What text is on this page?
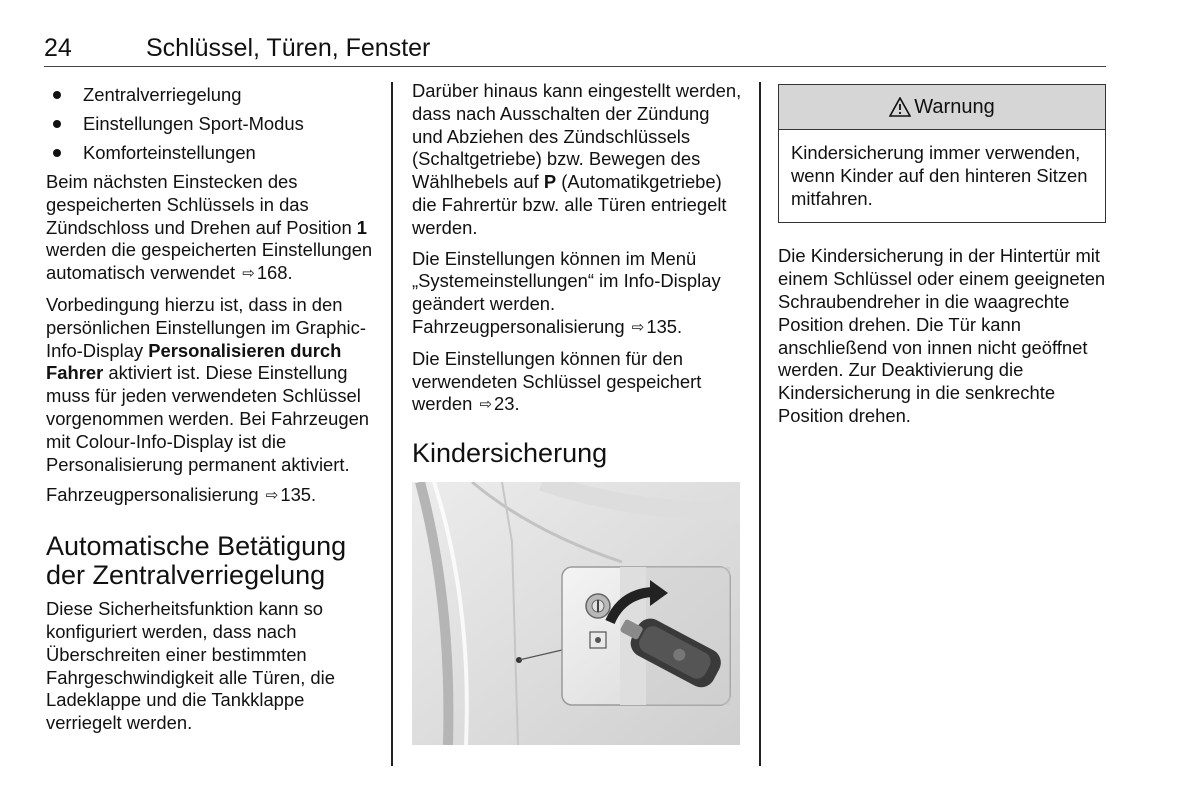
24	Schlüssel, Türen, Fenster
Zentralverriegelung
Einstellungen Sport-Modus
Komforteinstellungen

Beim nächsten Einstecken des gespeicherten Schlüssels in das Zündschloss und Drehen auf Position 1 werden die gespeicherten Einstellungen automatisch verwendet ⇨ 168.

Vorbedingung hierzu ist, dass in den persönlichen Einstellungen im Graphic-Info-Display Personalisieren durch Fahrer aktiviert ist. Diese Einstellung muss für jeden verwendeten Schlüssel vorgenommen werden. Bei Fahrzeugen mit Colour-Info-Display ist die Personalisierung permanent aktiviert.

Fahrzeugpersonalisierung ⇨ 135.

Automatische Betätigung der Zentralverriegelung

Diese Sicherheitsfunktion kann so konfiguriert werden, dass nach Überschreiten einer bestimmten Fahrgeschwindigkeit alle Türen, die Ladeklappe und die Tankklappe verriegelt werden.

Darüber hinaus kann eingestellt werden, dass nach Ausschalten der Zündung und Abziehen des Zündschlüssels (Schaltgetriebe) bzw. Bewegen des Wählhebels auf P (Automatikgetriebe) die Fahrertür bzw. alle Türen entriegelt werden.

Die Einstellungen können im Menü „Systemeinstellungen“ im Info-Display geändert werden. Fahrzeugpersonalisierung ⇨ 135.

Die Einstellungen können für den verwendeten Schlüssel gespeichert werden ⇨ 23.

Kindersicherung
Warnung
Kindersicherung immer verwenden, wenn Kinder auf den hinteren Sitzen mitfahren.

Die Kindersicherung in der Hintertür mit einem Schlüssel oder einem geeigneten Schraubendreher in die waagrechte Position drehen. Die Tür kann anschließend von innen nicht geöffnet werden. Zur Deaktivierung die Kindersicherung in die senkrechte Position drehen.
